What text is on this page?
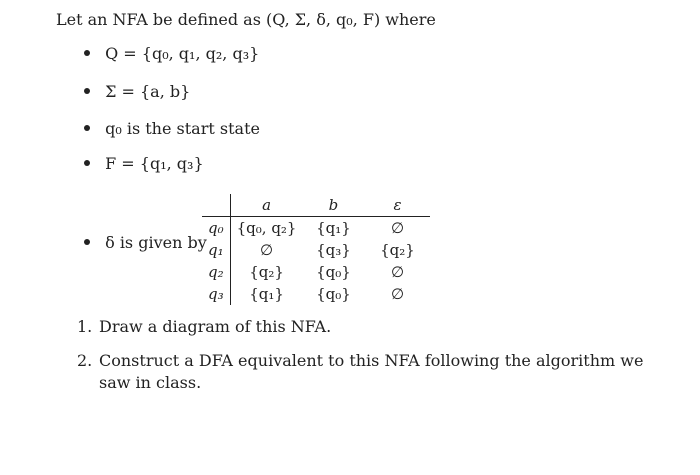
Let an NFA be defined as (Q, Σ, δ, q₀, F) where
Q = {q₀, q₁, q₂, q₃}
Σ = {a, b}
q₀ is the start state
F = {q₁, q₃}
δ is given by
	a	b	ε
q₀	{q₀, q₂}	{q₁}	∅
q₁	∅	{q₃}	{q₂}
q₂	{q₂}	{q₀}	∅
q₃	{q₁}	{q₀}	∅
1. Draw a diagram of this NFA.
2. Construct a DFA equivalent to this NFA following the algorithm we saw in class.
